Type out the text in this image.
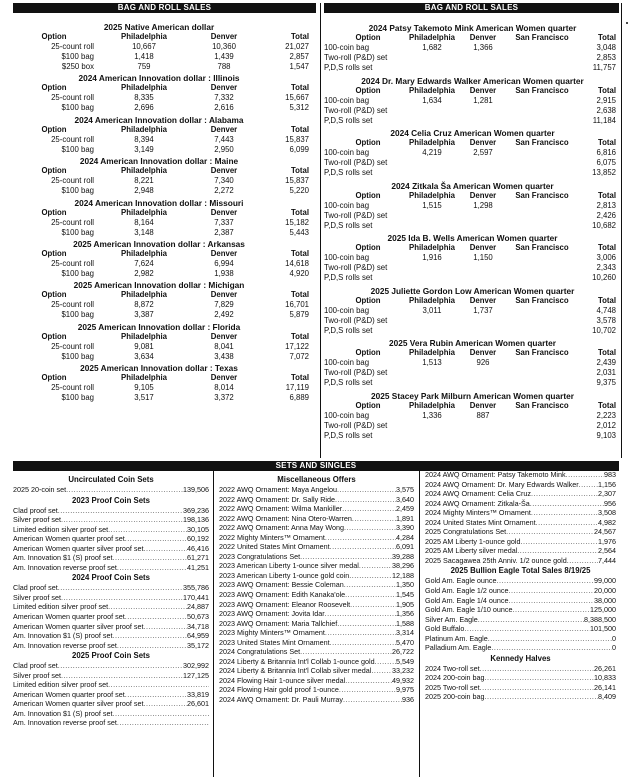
BAG AND ROLL SALES	BAG AND ROLL SALES
2025 Native American dollar
Option	Philadelphia	Denver	Total
25-count roll	10,667	10,360	21,027
$100 bag	1,418	1,439	2,857
$250 box	759	788	1,547
2024 American Innovation dollar : Illinois
Option	Philadelphia	Denver	Total
25-count roll	8,335	7,332	15,667
$100 bag	2,696	2,616	5,312
2024 American Innovation dollar : Alabama
Option	Philadelphia	Denver	Total
25-count roll	8,394	7,443	15,837
$100 bag	3,149	2,950	6,099
2024 American Innovation dollar : Maine
Option	Philadelphia	Denver	Total
25-count roll	8,221	7,340	15,837
$100 bag	2,948	2,272	5,220
2024 American Innovation dollar : Missouri
Option	Philadelphia	Denver	Total
25-count roll	8,164	7,337	15,182
$100 bag	3,148	2,387	5,443
2025 American Innovation dollar : Arkansas
Option	Philadelphia	Denver	Total
25-count roll	7,624	6,994	14,618
$100 bag	2,982	1,938	4,920
2025 American Innovation dollar : Michigan
Option	Philadelphia	Denver	Total
25-count roll	8,872	7,829	16,701
$100 bag	3,387	2,492	5,879
2025 American Innovation dollar : Florida
Option	Philadelphia	Denver	Total
25-count roll	9,081	8,041	17,122
$100 bag	3,634	3,438	7,072
2025 American Innovation dollar : Texas
Option	Philadelphia	Denver	Total
25-count roll	9,105	8,014	17,119
$100 bag	3,517	3,372	6,889
2024 Patsy Takemoto Mink American Women quarter
Option	Philadelphia	Denver	San Francisco	Total
100-coin bag	1,682	1,366	3,048
Two-roll (P&D) set	2,853
P,D,S rolls set	11,757
2024 Dr. Mary Edwards Walker American Women quarter
Option	Philadelphia	Denver	San Francisco	Total
100-coin bag	1,634	1,281	2,915
Two-roll (P&D) set	2,638
P,D,S rolls set	11,184
2024 Celia Cruz American Women quarter
Option	Philadelphia	Denver	San Francisco	Total
100-coin bag	4,219	2,597	6,816
Two-roll (P&D) set	6,075
P,D,S rolls set	13,852
2024 Zitkala Ša American Women quarter
Option	Philadelphia	Denver	San Francisco	Total
100-coin bag	1,515	1,298	2,813
Two-roll (P&D) set	2,426
P,D,S rolls set	10,682
2025 Ida B. Wells American Women quarter
Option	Philadelphia	Denver	San Francisco	Total
100-coin bag	1,916	1,150	3,006
Two-roll (P&D) set	2,343
P,D,S rolls set	10,260
2025 Juliette Gordon Low American Women quarter
Option	Philadelphia	Denver	San Francisco	Total
100-coin bag	3,011	1,737	4,748
Two-roll (P&D) set	3,578
P,D,S rolls set	10,702
2025 Vera Rubin American Women quarter
Option	Philadelphia	Denver	San Francisco	Total
100-coin bag	1,513	926	2,439
Two-roll (P&D) set	2,031
P,D,S rolls set	9,375
2025 Stacey Park Milburn American Women quarter
Option	Philadelphia	Denver	San Francisco	Total
100-coin bag	1,336	887	2,223
Two-roll (P&D) set	2,012
P,D,S rolls set	9,103
SETS AND SINGLES
Uncirculated Coin Sets
2025 20-coin set .....	139,506
2023 Proof Coin Sets
Clad proof set .....	369,236
Silver proof set .....	198,136
Limited edition silver proof set .....	30,105
American Women quarter proof set .....	60,192
American Women quarter silver proof set .....	46,416
Am. Innovation $1 (S) proof set .....	61,271
Am. Innovation reverse proof set .....	41,251
2024 Proof Coin Sets
Clad proof set .....	355,786
Silver proof set .....	170,441
Limited edition silver proof set .....	24,887
American Women quarter proof set .....	50,673
American Women quarter silver proof set .....	34,718
Am. Innovation $1 (S) proof set .....	64,959
Am. Innovation reverse proof set .....	35,172
2025 Proof Coin Sets
Clad proof set .....	302,992
Silver proof set .....	127,125
Limited edition silver proof set
.....
American Women quarter proof set .....	33,819
American Women quarter silver proof set .....	26,601
Am. Innovation $1 (S) proof set
.....
Am. Innovation reverse proof set
.....
Miscellaneous Offers
2022 AWQ Ornament: Maya Angelou .....	3,575
2022 AWQ Ornament: Dr. Sally Ride .....	3,640
2022 AWQ Ornament: Wilma Mankiller .....	2,459
2022 AWQ Ornament: Nina Otero-Warren .....	1,891
2022 AWQ Ornament: Anna May Wong .....	3,390
2022 Mighty Minters™ Ornament .....	4,284
2022 United States Mint Ornament .....	6,091
2023 Congratulations Set .....	39,288
2023 American Liberty 1-ounce silver medal .....	38,296
2023 American Liberty 1-ounce gold coin .....	12,188
2023 AWQ Ornament: Bessie Coleman .....	1,350
2023 AWQ Ornament: Edith Kanaka'ole .....	1,545
2023 AWQ Ornament: Eleanor Roosevelt .....	1,905
2023 AWQ Ornament: Jovita Idar .....	1,356
2023 AWQ Ornament: Maria Tallchief .....	1,588
2023 Mighty Minters™ Ornament .....	3,314
2023 United States Mint Ornament .....	5,470
2024 Congratulations Set .....	26,722
2024 Liberty & Britannia Int'l Collab 1-ounce gold .....	5,549
2024 Liberty & Britannia Int'l Collab silver medal .....	33,232
2024 Flowing Hair 1-ounce silver medal .....	49,932
2024 Flowing Hair gold proof 1-ounce .....	9,975
2024 AWQ Ornament: Dr. Pauli Murray .....	936
2024 AWQ Ornament: Patsy Takemoto Mink .....	983
2024 AWQ Ornament: Dr. Mary Edwards Walker .....	1,156
2024 AWQ Ornament: Celia Cruz .....	2,307
2024 AWQ Ornament: Zitkala-Ša .....	956
2024 Mighty Minters™ Ornament .....	3,508
2024 United States Mint Ornament .....	4,982
2025 Congratulations Set .....	24,567
2025 AM Liberty 1-ounce gold .....	1,976
2025 AM Liberty silver medal .....	2,564
2025 Sacagawea 25th Anniv. 1/2 ounce gold .....	7,444
2025 Bullion Eagle Total Sales 8/19/25
Gold Am. Eagle ounce .....	99,000
Gold Am. Eagle 1/2 ounce .....	20,000
Gold Am. Eagle 1/4 ounce .....	38,000
Gold Am. Eagle 1/10 ounce .....	125,000
Silver Am. Eagle .....	8,388,500
Gold Buffalo .....	101,500
Platinum Am. Eagle .....	0
Palladium Am. Eagle .....	0
Kennedy Halves
2024 Two-roll set .....	26,261
2024 200-coin bag .....	10,833
2025 Two-roll set .....	26,141
2025 200-coin bag .....	8,409
